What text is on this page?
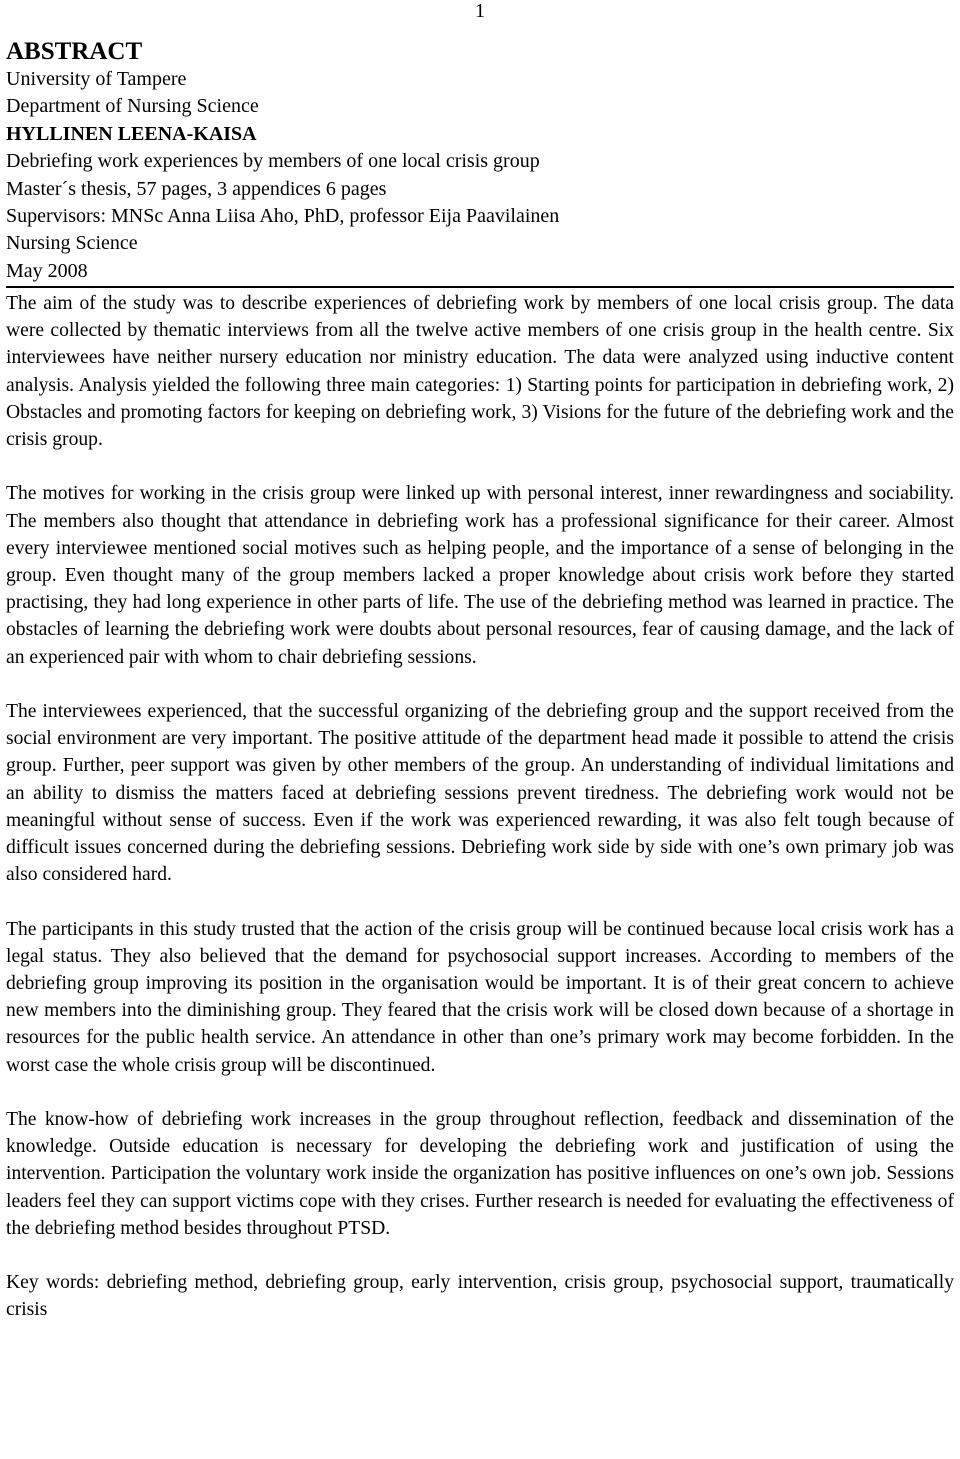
1
ABSTRACT

University of Tampere

Department of Nursing Science

HYLLINEN LEENA-KAISA

Debriefing work experiences by members of one local crisis group

Master´s thesis, 57 pages, 3 appendices 6 pages

Supervisors: MNSc Anna Liisa Aho, PhD, professor Eija Paavilainen

Nursing Science

May 2008

The aim of the study was to describe experiences of debriefing work by members of one local crisis group. The data were collected by thematic interviews from all the twelve active members of one crisis group in the health centre. Six interviewees have neither nursery education nor ministry education. The data were analyzed using inductive content analysis. Analysis yielded the following three main categories: 1) Starting points for participation in debriefing work, 2) Obstacles and promoting factors for keeping on debriefing work, 3) Visions for the future of the debriefing work and the crisis group.

The motives for working in the crisis group were linked up with personal interest, inner rewardingness and sociability. The members also thought that attendance in debriefing work has a professional significance for their career. Almost every interviewee mentioned social motives such as helping people, and the importance of a sense of belonging in the group. Even thought many of the group members lacked a proper knowledge about crisis work before they started practising, they had long experience in other parts of life. The use of the debriefing method was learned in practice. The obstacles of learning the debriefing work were doubts about personal resources, fear of causing damage, and the lack of an experienced pair with whom to chair debriefing sessions.

The interviewees experienced, that the successful organizing of the debriefing group and the support received from the social environment are very important. The positive attitude of the department head made it possible to attend the crisis group. Further, peer support was given by other members of the group. An understanding of individual limitations and an ability to dismiss the matters faced at debriefing sessions prevent tiredness. The debriefing work would not be meaningful without sense of success. Even if the work was experienced rewarding, it was also felt tough because of difficult issues concerned during the debriefing sessions. Debriefing work side by side with one’s own primary job was also considered hard.

The participants in this study trusted that the action of the crisis group will be continued because local crisis work has a legal status. They also believed that the demand for psychosocial support increases. According to members of the debriefing group improving its position in the organisation would be important. It is of their great concern to achieve new members into the diminishing group. They feared that the crisis work will be closed down because of a shortage in resources for the public health service. An attendance in other than one’s primary work may become forbidden. In the worst case the whole crisis group will be discontinued.

The know-how of debriefing work increases in the group throughout reflection, feedback and dissemination of the knowledge. Outside education is necessary for developing the debriefing work and justification of using the intervention. Participation the voluntary work inside the organization has positive influences on one’s own job. Sessions leaders feel they can support victims cope with they crises. Further research is needed for evaluating the effectiveness of the debriefing method besides throughout PTSD.

Key words: debriefing method, debriefing group, early intervention, crisis group, psychosocial support, traumatically crisis
